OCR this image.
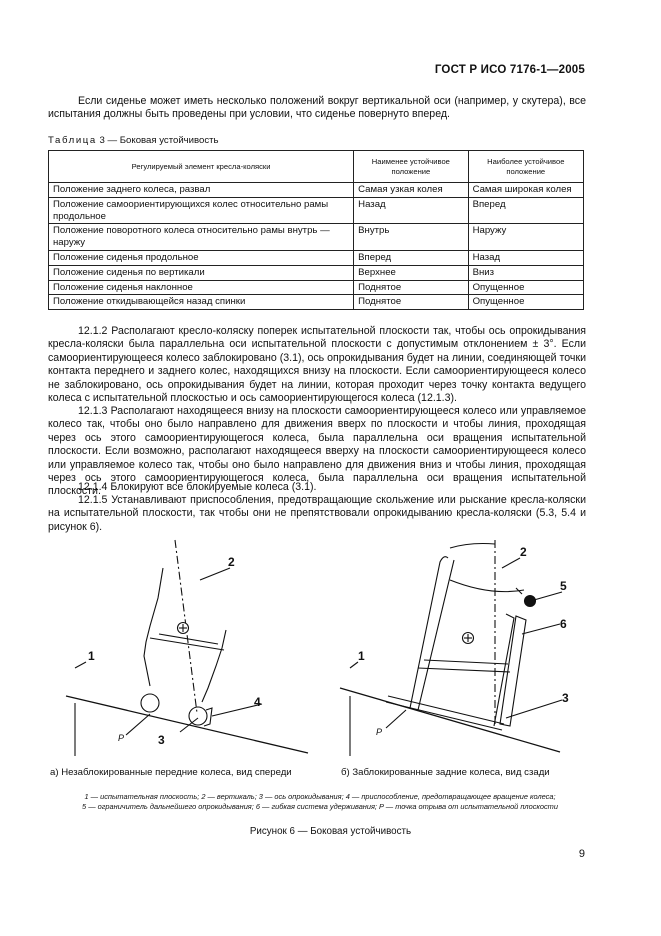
ГОСТ Р ИСО 7176-1—2005
Если сиденье может иметь несколько положений вокруг вертикальной оси (например, у скутера), все испытания должны быть проведены при условии, что сиденье повернуто вперед.
Таблица 3 — Боковая устойчивость
Регулируемый элемент кресла-коляски	Наименее устойчивое положение	Наиболее устойчивое положение
Положение заднего колеса, развал	Самая узкая колея	Самая широкая колея
Положение самоориентирующихся колес относительно рамы продольное	Назад	Вперед
Положение поворотного колеса относительно рамы внутрь — наружу	Внутрь	Наружу
Положение сиденья продольное	Вперед	Назад
Положение сиденья по вертикали	Верхнее	Вниз
Положение сиденья наклонное	Поднятое	Опущенное
Положение откидывающейся назад спинки	Поднятое	Опущенное
12.1.2 Располагают кресло-коляску поперек испытательной плоскости так, чтобы ось опрокидывания кресла-коляски была параллельна оси испытательной плоскости с допустимым отклонением ± 3°. Если самоориентирующееся колесо заблокировано (3.1), ось опрокидывания будет на линии, соединяющей точки контакта переднего и заднего колес, находящихся внизу на плоскости. Если самоориентирующееся колесо не заблокировано, ось опрокидывания будет на линии, которая проходит через точку контакта ведущего колеса с испытательной плоскостью и ось самоориентирующегося колеса (12.1.3).
12.1.3 Располагают находящееся внизу на плоскости самоориентирующееся колесо или управляемое колесо так, чтобы оно было направлено для движения вверх по плоскости и чтобы линия, проходящая через ось этого самоориентирующегося колеса, была параллельна оси вращения испытательной плоскости. Если возможно, располагают находящееся вверху на плоскости самоориентирующееся колесо или управляемое колесо так, чтобы оно было направлено для движения вниз и чтобы линия, проходящая через ось этого самоориентирующегося колеса, была параллельна оси вращения испытательной плоскости.
12.1.4 Блокируют все блокируемые колеса (3.1).
12.1.5 Устанавливают приспособления, предотвращающие скольжение или рыскание кресла-коляски на испытательной плоскости, так чтобы они не препятствовали опрокидыванию кресла-коляски (5.3, 5.4 и рисунок 6).
1
2
3
4
P
1
2
3
5
6
P
а) Незаблокированные передние колеса, вид спереди	б) Заблокированные задние колеса, вид сзади
1 — испытательная плоскость; 2 — вертикаль; 3 — ось опрокидывания; 4 — приспособление, предотвращающее вращение колеса;
5 — ограничитель дальнейшего опрокидывания; 6 — гибкая система удерживания; P — точка отрыва от испытательной плоскости
Рисунок 6 — Боковая устойчивость
9
